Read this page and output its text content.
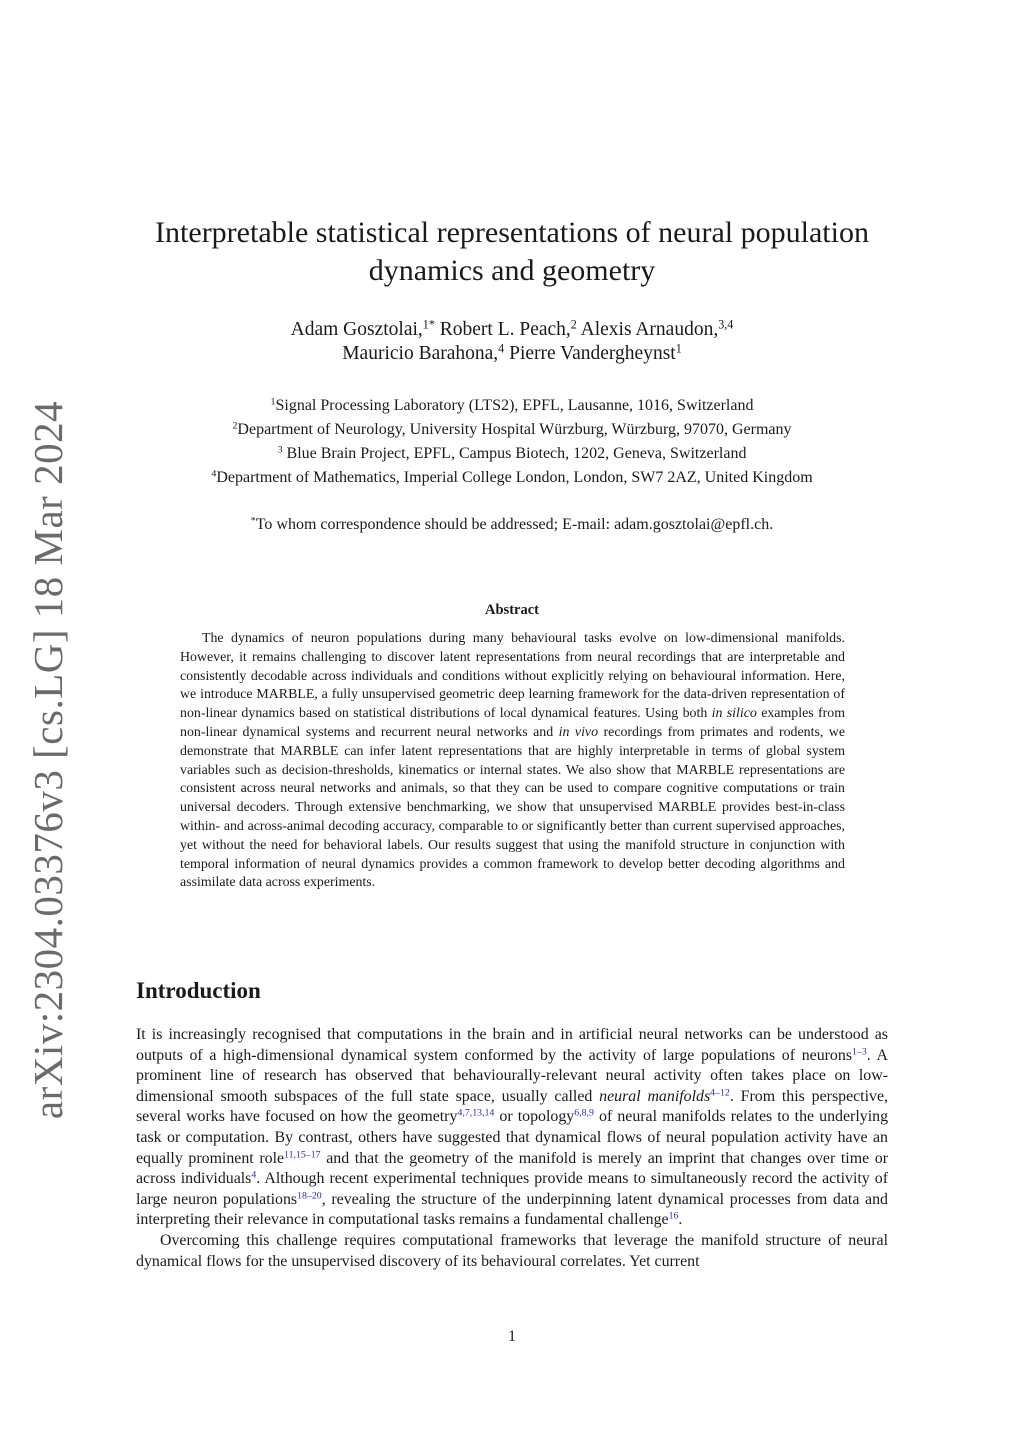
arXiv:2304.03376v3 [cs.LG] 18 Mar 2024
Interpretable statistical representations of neural population dynamics and geometry
Adam Gosztolai,$^{1*}$ Robert L. Peach,$^2$ Alexis Arnaudon,$^{3,4}$
Mauricio Barahona,$^4$ Pierre Vandergheynst$^1$
$^1$Signal Processing Laboratory (LTS2), EPFL, Lausanne, 1016, Switzerland
$^2$Department of Neurology, University Hospital Würzburg, Würzburg, 97070, Germany
$^3$ Blue Brain Project, EPFL, Campus Biotech, 1202, Geneva, Switzerland
$^4$Department of Mathematics, Imperial College London, London, SW7 2AZ, United Kingdom
*To whom correspondence should be addressed; E-mail: adam.gosztolai@epfl.ch.
Abstract

The dynamics of neuron populations during many behavioural tasks evolve on low-dimensional manifolds. However, it remains challenging to discover latent representations from neural recordings that are interpretable and consistently decodable across individuals and conditions without explicitly relying on behavioural information. Here, we introduce MARBLE, a fully unsupervised geometric deep learning framework for the data-driven representation of non-linear dynamics based on statistical distributions of local dynamical features. Using both in silico examples from non-linear dynamical systems and recurrent neural networks and in vivo recordings from primates and rodents, we demonstrate that MARBLE can infer latent representations that are highly interpretable in terms of global system variables such as decision-thresholds, kinematics or internal states. We also show that MARBLE representations are consistent across neural networks and animals, so that they can be used to compare cognitive computations or train universal decoders. Through extensive benchmarking, we show that unsupervised MARBLE provides best-in-class within- and across-animal decoding accuracy, comparable to or significantly better than current supervised approaches, yet without the need for behavioral labels. Our results suggest that using the manifold structure in conjunction with temporal information of neural dynamics provides a common framework to develop better decoding algorithms and assimilate data across experiments.

Introduction

It is increasingly recognised that computations in the brain and in artificial neural networks can be understood as outputs of a high-dimensional dynamical system conformed by the activity of large populations of neurons$^{1-3}$. A prominent line of research has observed that behaviourally-relevant neural activity often takes place on low-dimensional smooth subspaces of the full state space, usually called neural manifolds$^{4-12}$. From this perspective, several works have focused on how the geometry$^{4,7,13,14}$ or topology$^{6,8,9}$ of neural manifolds relates to the underlying task or computation. By contrast, others have suggested that dynamical flows of neural population activity have an equally prominent role$^{11,15-17}$ and that the geometry of the manifold is merely an imprint that changes over time or across individuals$^4$. Although recent experimental techniques provide means to simultaneously record the activity of large neuron populations$^{18-20}$, revealing the structure of the underpinning latent dynamical processes from data and interpreting their relevance in computational tasks remains a fundamental challenge$^{16}$.

Overcoming this challenge requires computational frameworks that leverage the manifold structure of neural dynamical flows for the unsupervised discovery of its behavioural correlates. Yet current

1
